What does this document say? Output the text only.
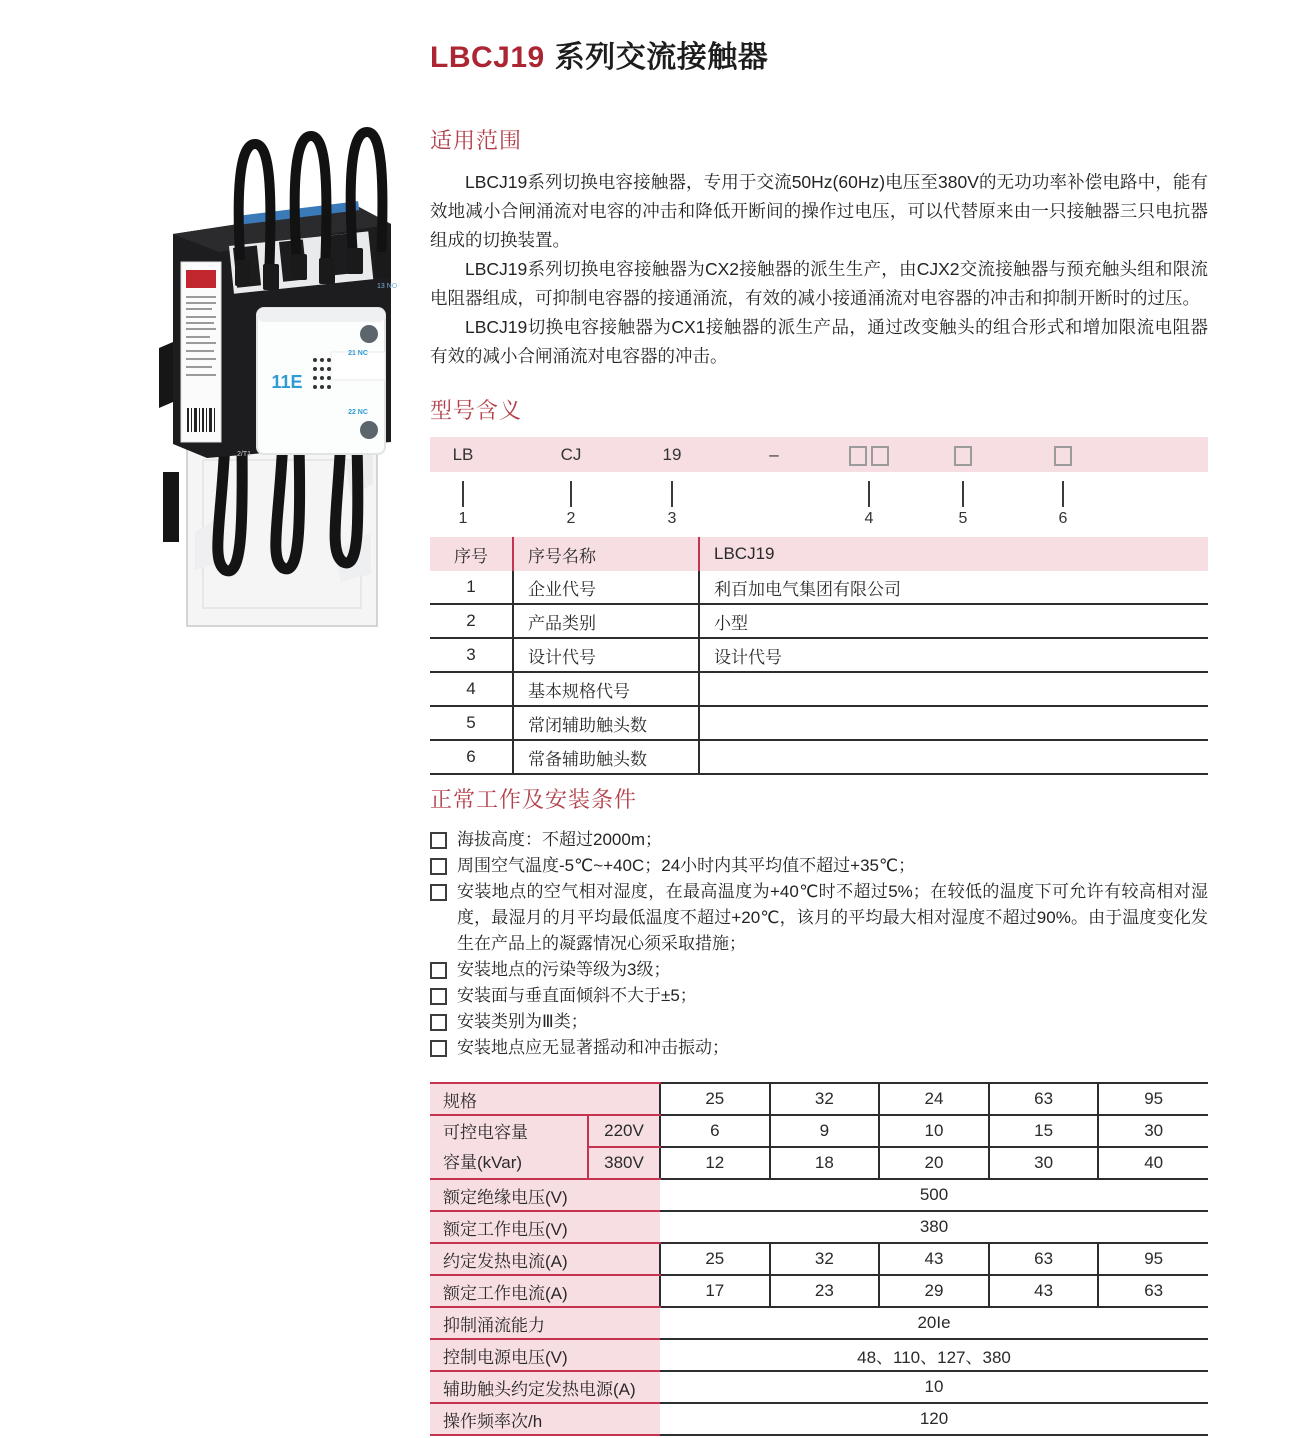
13 NO
2/T1
11E
21 NC
22 NC
LBCJ19 系列交流接触器
适用范围

LBCJ19系列切换电容接触器，专用于交流50Hz(60Hz)电压至380V的无功功率补偿电路中，能有效地减小合闸涌流对电容的冲击和降低开断间的操作过电压，可以代替原来由一只接触器三只电抗器组成的切换装置。

LBCJ19系列切换电容接触器为CX2接触器的派生生产，由CJX2交流接触器与预充触头组和限流电阻器组成，可抑制电容器的接通涌流，有效的减小接通涌流对电容器的冲击和抑制开断时的过压。

LBCJ19切换电容接触器为CX1接触器的派生产品，通过改变触头的组合形式和增加限流电阻器有效的减小合闸涌流对电容器的冲击。

型号含义
LB	CJ	19	–
1	2	3	4	5	6
序号	序号名称	LBCJ19
1	企业代号	利百加电气集团有限公司
2	产品类别	小型
3	设计代号	设计代号
4	基本规格代号	
5	常闭辅助触头数	
6	常备辅助触头数	
正常工作及安装条件
海拔高度：不超过2000m；
周围空气温度-5℃~+40C；24小时内其平均值不超过+35℃；
安装地点的空气相对湿度，在最高温度为+40℃时不超过5%；在较低的温度下可允许有较高相对湿度，最湿月的月平均最低温度不超过+20℃，该月的平均最大相对湿度不超过90%。由于温度变化发生在产品上的凝露情况心须采取措施；
安装地点的污染等级为3级；
安装面与垂直面倾斜不大于±5；
安装类别为Ⅲ类；
安装地点应无显著摇动和冲击振动；
规格		25	32	24	63	95

可控电容量
容量(kVar)	220V	6	9	10	15	30
	380V	12	18	20	30	40
额定绝缘电压(V)		500				
额定工作电压(V)		380				
约定发热电流(A)		25	32	43	63	95
额定工作电流(A)		17	23	29	43	63
抑制涌流能力		20Ie				
控制电源电压(V)		48、110、127、380				
辅助触头约定发热电源(A)		10				
操作频率次/h		120				
